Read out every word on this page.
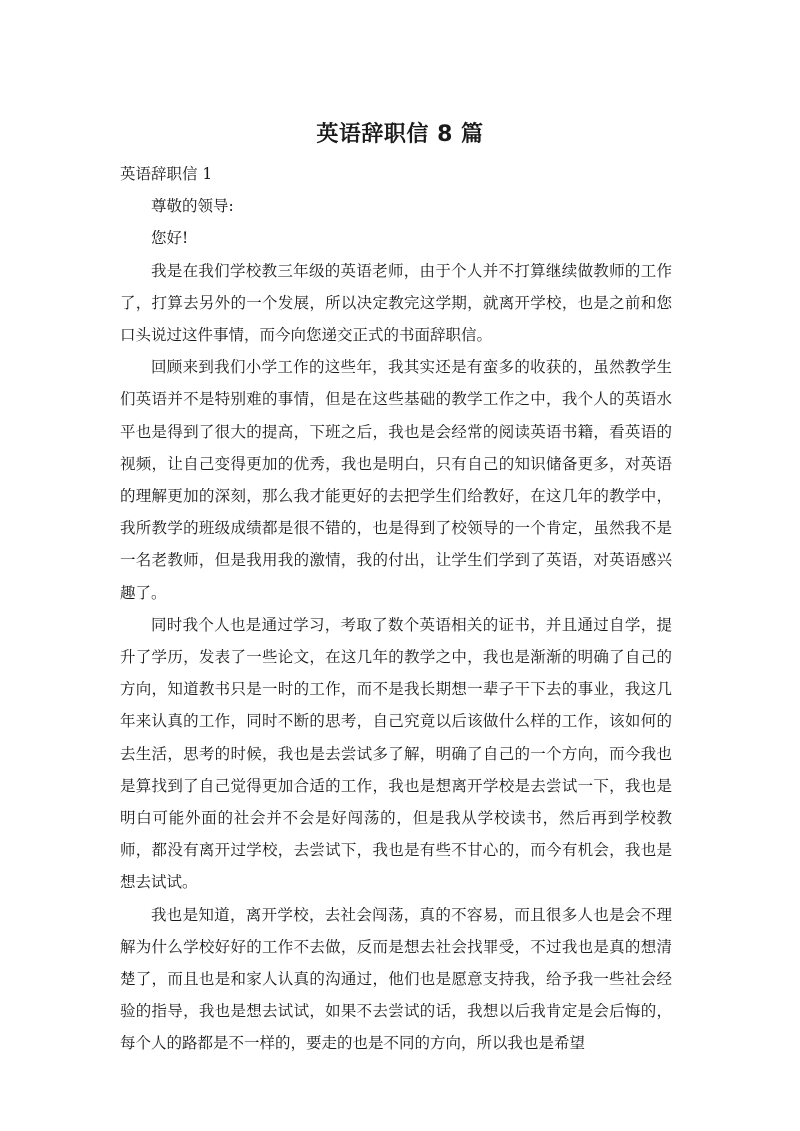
英语辞职信 8 篇

英语辞职信 1

尊敬的领导:

您好!

我是在我们学校教三年级的英语老师，由于个人并不打算继续做教师的工作了，打算去另外的一个发展，所以决定教完这学期，就离开学校，也是之前和您口头说过这件事情，而今向您递交正式的书面辞职信。

回顾来到我们小学工作的这些年，我其实还是有蛮多的收获的，虽然教学生们英语并不是特别难的事情，但是在这些基础的教学工作之中，我个人的英语水平也是得到了很大的提高，下班之后，我也是会经常的阅读英语书籍，看英语的视频，让自己变得更加的优秀，我也是明白，只有自己的知识储备更多，对英语的理解更加的深刻，那么我才能更好的去把学生们给教好，在这几年的教学中，我所教学的班级成绩都是很不错的，也是得到了校领导的一个肯定，虽然我不是一名老教师，但是我用我的激情，我的付出，让学生们学到了英语，对英语感兴趣了。

同时我个人也是通过学习，考取了数个英语相关的证书，并且通过自学，提升了学历，发表了一些论文，在这几年的教学之中，我也是渐渐的明确了自己的方向，知道教书只是一时的工作，而不是我长期想一辈子干下去的事业，我这几年来认真的工作，同时不断的思考，自己究竟以后该做什么样的工作，该如何的去生活，思考的时候，我也是去尝试多了解，明确了自己的一个方向，而今我也是算找到了自己觉得更加合适的工作，我也是想离开学校是去尝试一下，我也是明白可能外面的社会并不会是好闯荡的，但是我从学校读书，然后再到学校教师，都没有离开过学校，去尝试下，我也是有些不甘心的，而今有机会，我也是想去试试。

我也是知道，离开学校，去社会闯荡，真的不容易，而且很多人也是会不理解为什么学校好好的工作不去做，反而是想去社会找罪受，不过我也是真的想清楚了，而且也是和家人认真的沟通过，他们也是愿意支持我，给予我一些社会经验的指导，我也是想去试试，如果不去尝试的话，我想以后我肯定是会后悔的，每个人的路都是不一样的，要走的也是不同的方向，所以我也是希望
